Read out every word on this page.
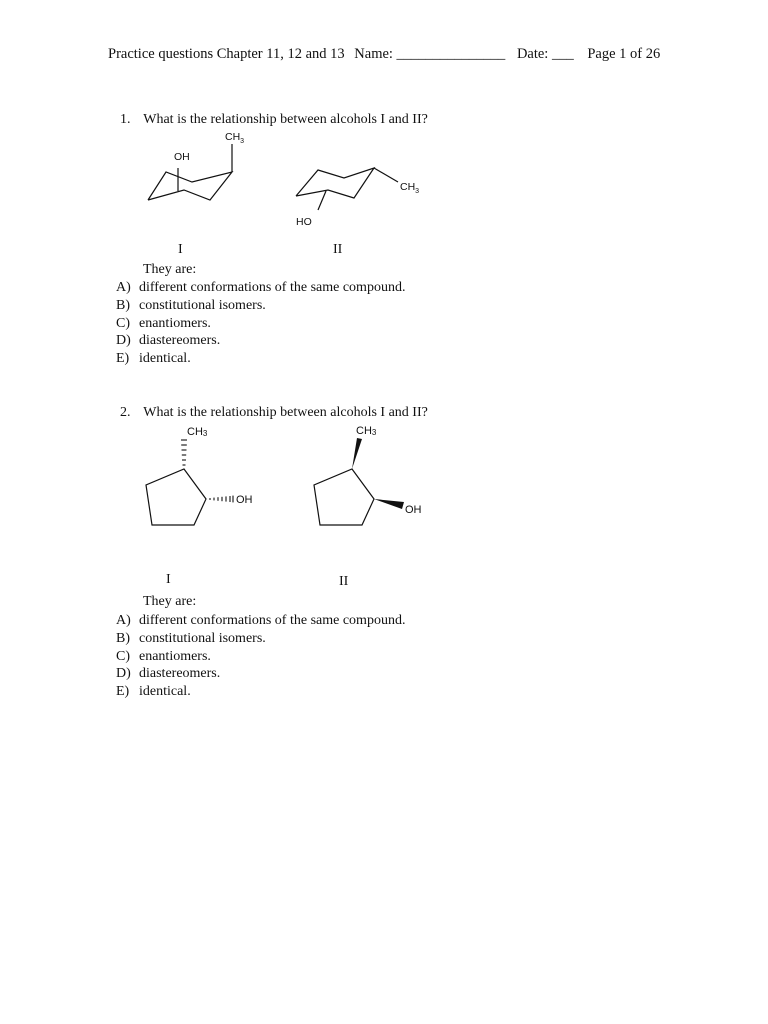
Practice questions Chapter 11, 12 and 13 Name: _______________ Date: ___ Page 1 of 26
1. What is the relationship between alcohols I and II?
OH
$CH_3$
HO
$CH_3$
I	II
They are:
A) different conformations of the same compound.
B) constitutional isomers.
C) enantiomers.
D) diastereomers.
E) identical.
2. What is the relationship between alcohols I and II?
CH3
OH
CH3
OH
I	II
They are:
A) different conformations of the same compound.
B) constitutional isomers.
C) enantiomers.
D) diastereomers.
E) identical.
